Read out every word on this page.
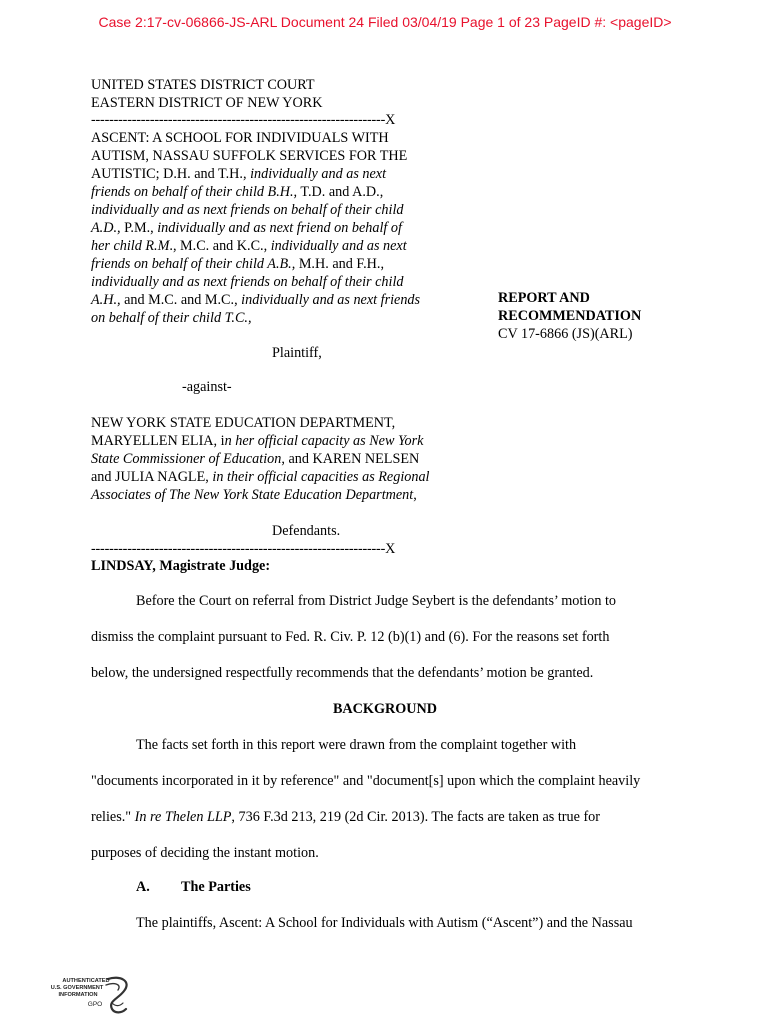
Case 2:17-cv-06866-JS-ARL Document 24 Filed 03/04/19 Page 1 of 23 PageID #: <pageID>
UNITED STATES DISTRICT COURT
EASTERN DISTRICT OF NEW YORK
-----------------------------------------------------------------X
ASCENT: A SCHOOL FOR INDIVIDUALS WITH
AUTISM, NASSAU SUFFOLK SERVICES FOR THE
AUTISTIC; D.H. and T.H., individually and as next
friends on behalf of their child B.H., T.D. and A.D.,
individually and as next friends on behalf of their child
A.D., P.M., individually and as next friend on behalf of
her child R.M., M.C. and K.C., individually and as next
friends on behalf of their child A.B., M.H. and F.H.,
individually and as next friends on behalf of their child
A.H., and M.C. and M.C., individually and as next friends
on behalf of their child T.C.,
Plaintiff,
-against-
NEW YORK STATE EDUCATION DEPARTMENT,
MARYELLEN ELIA, in her official capacity as New York
State Commissioner of Education, and KAREN NELSEN
and JULIA NAGLE, in their official capacities as Regional
Associates of The New York State Education Department,
Defendants.
-----------------------------------------------------------------X
REPORT AND
RECOMMENDATION
CV 17-6866 (JS)(ARL)
LINDSAY, Magistrate Judge:
Before the Court on referral from District Judge Seybert is the defendants’ motion to
dismiss the complaint pursuant to Fed. R. Civ. P. 12 (b)(1) and (6). For the reasons set forth
below, the undersigned respectfully recommends that the defendants’ motion be granted.
BACKGROUND
The facts set forth in this report were drawn from the complaint together with
"documents incorporated in it by reference" and "document[s] upon which the complaint heavily
relies." In re Thelen LLP, 736 F.3d 213, 219 (2d Cir. 2013). The facts are taken as true for
purposes of deciding the instant motion.
A. The Parties
The plaintiffs, Ascent: A School for Individuals with Autism (“Ascent”) and the Nassau
AUTHENTICATED
U.S. GOVERNMENT
INFORMATION
GPO
